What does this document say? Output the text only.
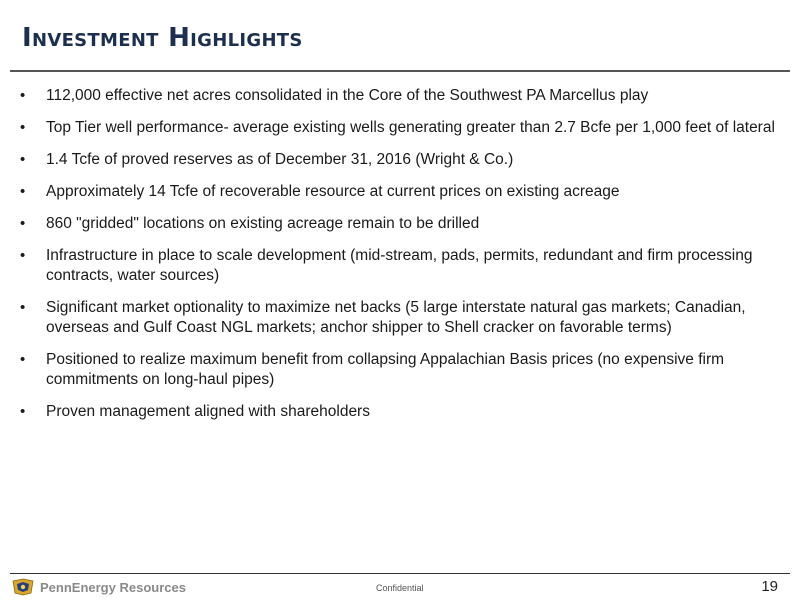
Investment Highlights
• 112,000 effective net acres consolidated in the Core of the Southwest PA Marcellus play
• Top Tier well performance- average existing wells generating greater than 2.7 Bcfe per 1,000 feet of lateral
• 1.4 Tcfe of proved reserves as of December 31, 2016 (Wright & Co.)
• Approximately 14 Tcfe of recoverable resource at current prices on existing acreage
• 860 "gridded" locations on existing acreage remain to be drilled
• Infrastructure in place to scale development (mid-stream, pads, permits, redundant and firm processing contracts, water sources)
• Significant market optionality to maximize net backs (5 large interstate natural gas markets; Canadian, overseas and Gulf Coast NGL markets; anchor shipper to Shell cracker on favorable terms)
• Positioned to realize maximum benefit from collapsing Appalachian Basis prices (no expensive firm commitments on long-haul pipes)
• Proven management aligned with shareholders
PennEnergy Resources	Confidential	19
